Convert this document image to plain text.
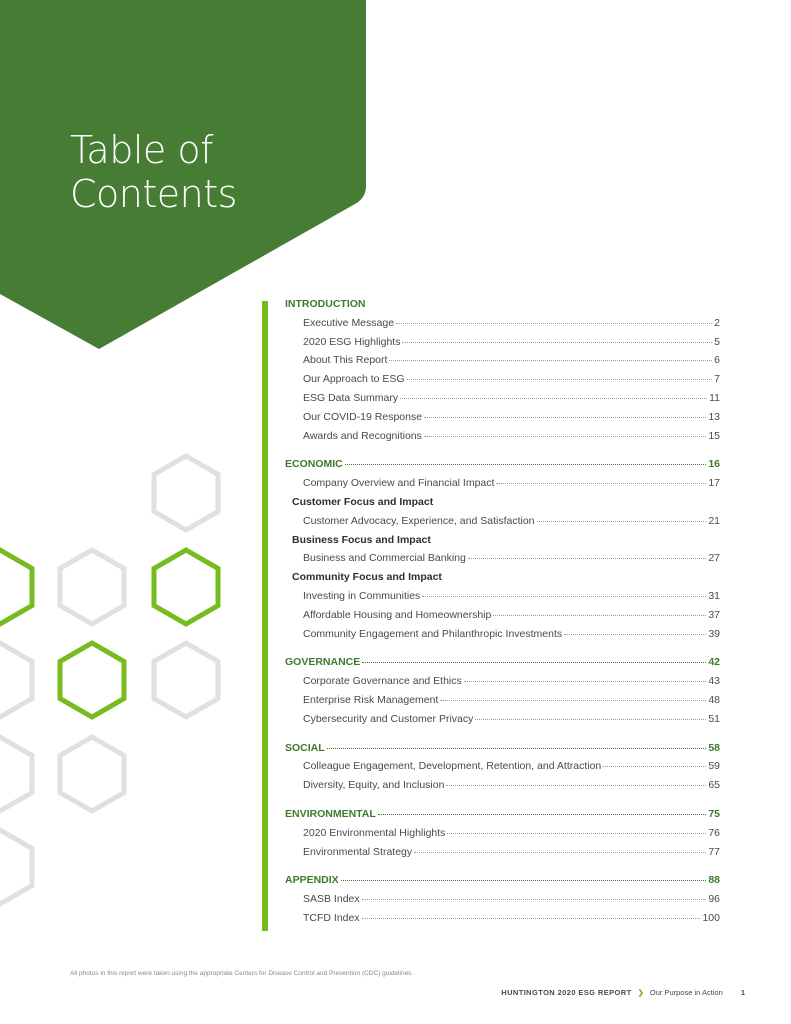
Table of
Contents
INTRODUCTION
Executive Message	2
2020 ESG Highlights	5
About This Report	6
Our Approach to ESG	7
ESG Data Summary	11
Our COVID-19 Response	13
Awards and Recognitions	15
ECONOMIC	16
Company Overview and Financial Impact	17
Customer Focus and Impact
Customer Advocacy, Experience, and Satisfaction	21
Business Focus and Impact
Business and Commercial Banking	27
Community Focus and Impact
Investing in Communities	31
Affordable Housing and Homeownership	37
Community Engagement and Philanthropic Investments	39
GOVERNANCE	42
Corporate Governance and Ethics	43
Enterprise Risk Management	48
Cybersecurity and Customer Privacy	51
SOCIAL	58
Colleague Engagement, Development, Retention, and Attraction	59
Diversity, Equity, and Inclusion	65
ENVIRONMENTAL	75
2020 Environmental Highlights	76
Environmental Strategy	77
APPENDIX	88
SASB Index	96
TCFD Index	100
All photos in this report were taken using the appropriate Centers for Disease Control and Prevention (CDC) guidelines.
HUNTINGTON 2020 ESG REPORT ❯ Our Purpose in Action 1
